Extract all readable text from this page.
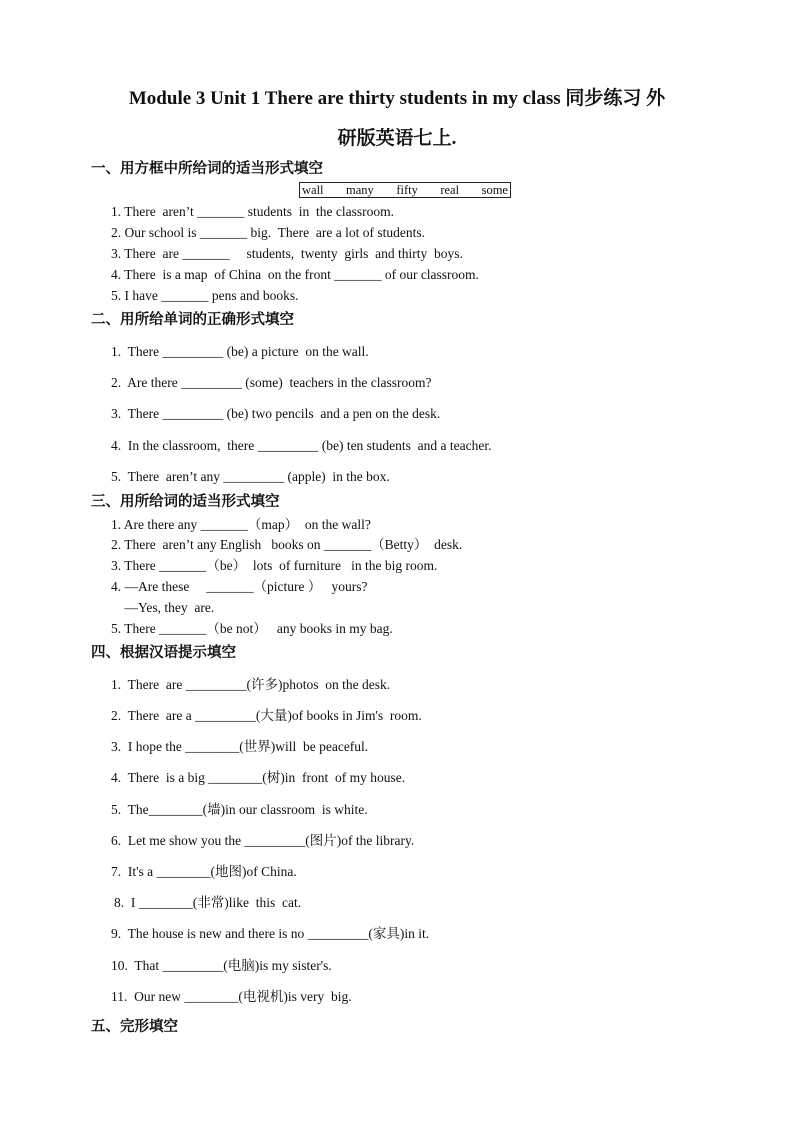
Module 3 Unit 1 There are thirty students in my class 同步练习 外
研版英语七上.
一、用方框中所给词的适当形式填空
wall many fifty real some
1. There  aren’t _______ students  in  the classroom.
2. Our school is _______ big.  There  are a lot of students.
3. There  are _______     students,  twenty  girls  and thirty  boys.
4. There  is a map  of China  on the front _______ of our classroom.
5. I have _______ pens and books.
二、用所给单词的正确形式填空
1.  There _________ (be) a picture  on the wall.
2.  Are there _________ (some)  teachers in the classroom?
3.  There _________ (be) two pencils  and a pen on the desk.
4.  In the classroom,  there _________ (be) ten students  and a teacher.
5.  There  aren’t any _________ (apple)  in the box.
三、用所给词的适当形式填空
1. Are there any _______（map）  on the wall?
2. There  aren’t any English   books on _______（Betty）  desk.
3. There _______（be）  lots  of furniture   in the big room.
4. —Are these     _______（picture ）   yours?
—Yes, they  are.
5. There _______（be not）   any books in my bag.
四、根据汉语提示填空
1.  There  are _________(许多)photos  on the desk.
2.  There  are a _________(大量)of books in Jim's  room.
3.  I hope the ________(世界)will  be peaceful.
4.  There  is a big ________(树)in  front  of my house.
5.  The________(墙)in our classroom  is white.
6.  Let me show you the _________(图片)of the library.
7.  It's a ________(地图)of China.
8.  I ________(非常)like  this  cat.
9.  The house is new and there is no _________(家具)in it.
10.  That _________(电脑)is my sister's.
11.  Our new ________(电视机)is very  big.
五、完形填空
